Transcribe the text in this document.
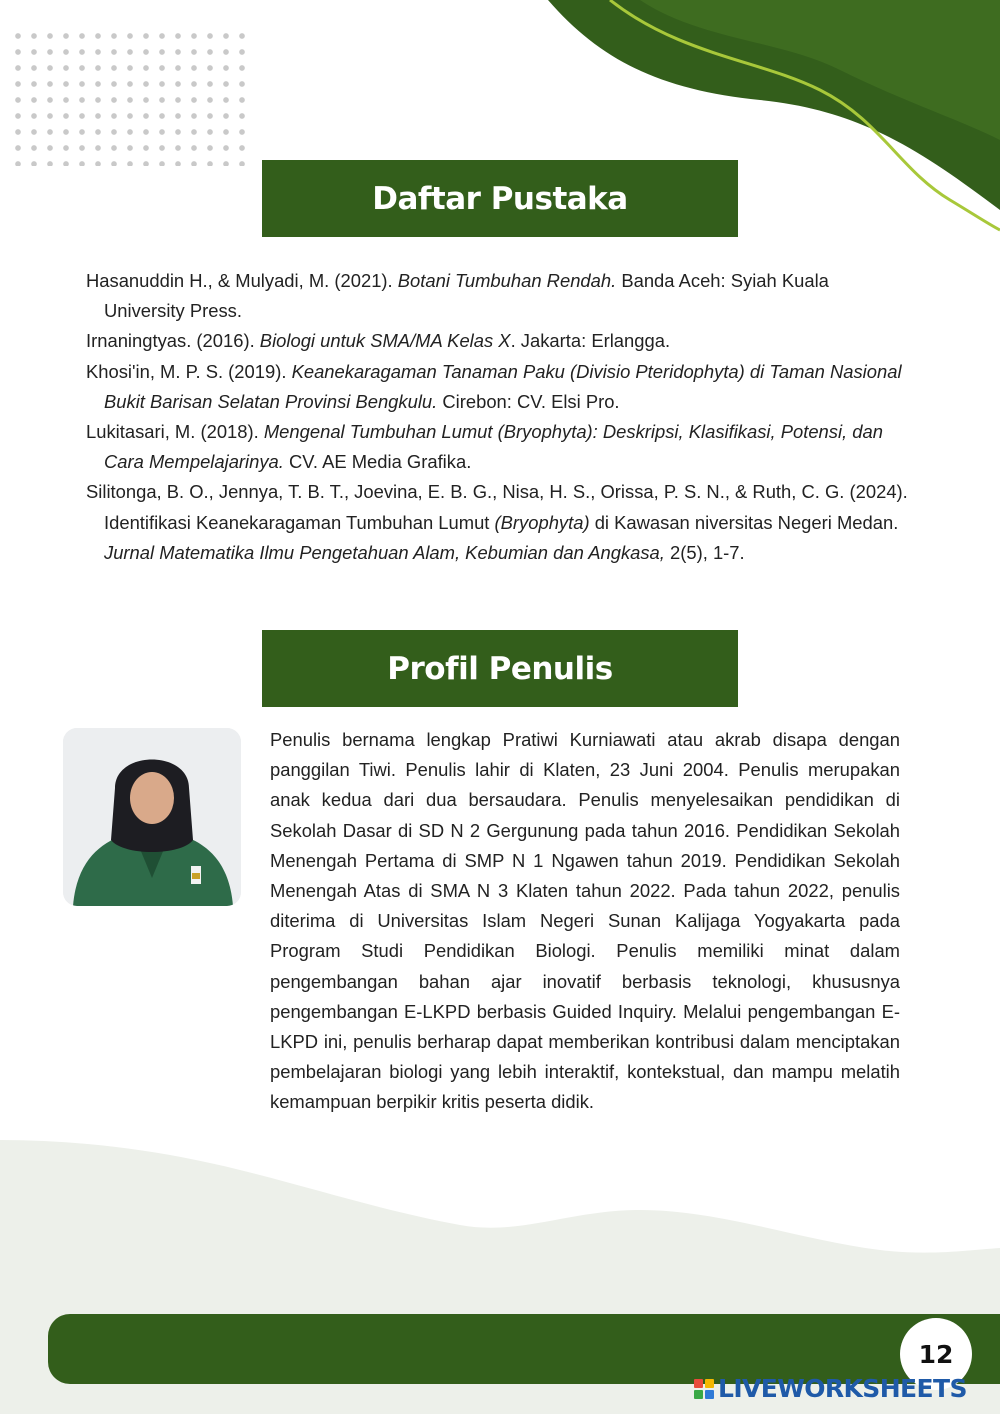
Daftar Pustaka

Hasanuddin H., & Mulyadi, M. (2021). Botani Tumbuhan Rendah. Banda Aceh: Syiah Kuala University Press.

Irnaningtyas. (2016). Biologi untuk SMA/MA Kelas X. Jakarta: Erlangga.

Khosi'in, M. P. S. (2019). Keanekaragaman Tanaman Paku (Divisio Pteridophyta) di Taman Nasional Bukit Barisan Selatan Provinsi Bengkulu. Cirebon: CV. Elsi Pro.

Lukitasari, M. (2018). Mengenal Tumbuhan Lumut (Bryophyta): Deskripsi, Klasifikasi, Potensi, dan Cara Mempelajarinya. CV. AE Media Grafika.

Silitonga, B. O., Jennya, T. B. T., Joevina, E. B. G., Nisa, H. S., Orissa, P. S. N., & Ruth, C. G. (2024). Identifikasi Keanekaragaman Tumbuhan Lumut (Bryophyta) di Kawasan niversitas Negeri Medan. Jurnal Matematika Ilmu Pengetahuan Alam, Kebumian dan Angkasa, 2(5), 1-7.

Profil Penulis

Penulis bernama lengkap Pratiwi Kurniawati atau akrab disapa dengan panggilan Tiwi. Penulis lahir di Klaten, 23 Juni 2004. Penulis merupakan anak kedua dari dua bersaudara. Penulis menyelesaikan pendidikan di Sekolah Dasar di SD N 2 Gergunung pada tahun 2016. Pendidikan Sekolah Menengah Pertama di SMP N 1 Ngawen tahun 2019. Pendidikan Sekolah Menengah Atas di SMA N 3 Klaten tahun 2022. Pada tahun 2022, penulis diterima di Universitas Islam Negeri Sunan Kalijaga Yogyakarta pada Program Studi Pendidikan Biologi. Penulis memiliki minat dalam pengembangan bahan ajar inovatif berbasis teknologi, khususnya pengembangan E-LKPD berbasis Guided Inquiry. Melalui pengembangan E-LKPD ini, penulis berharap dapat memberikan kontribusi dalam menciptakan pembelajaran biologi yang lebih interaktif, kontekstual, dan mampu melatih kemampuan berpikir kritis peserta didik.

12
LIVEWORKSHEETS
